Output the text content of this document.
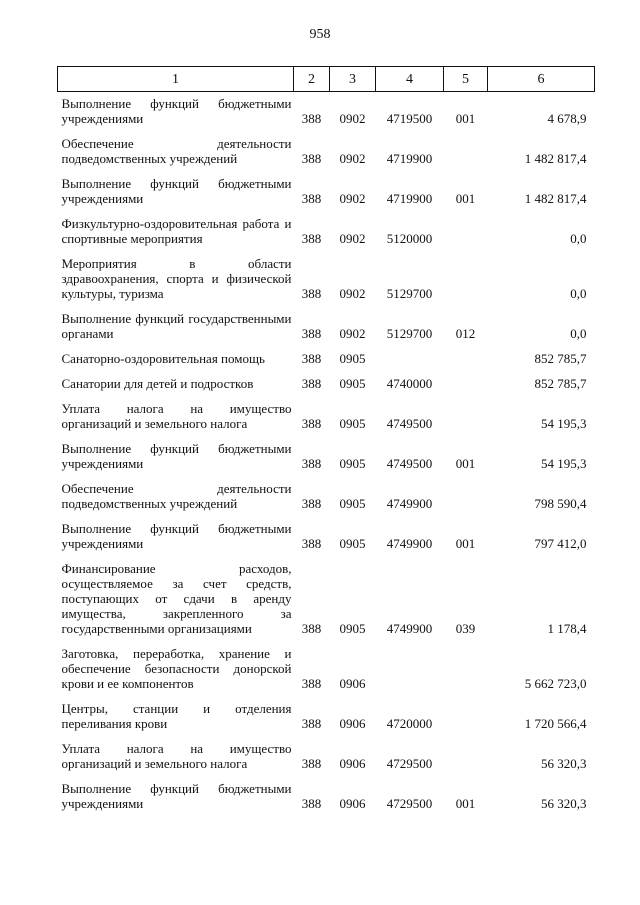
958
1	2	3	4	5	6
Выполнение функций бюджетными учреждениями	388	0902	4719500	001	4 678,9
Обеспечение деятельности подведомственных учреждений	388	0902	4719900		1 482 817,4
Выполнение функций бюджетными учреждениями	388	0902	4719900	001	1 482 817,4
Физкультурно-оздоровительная работа и спортивные мероприятия	388	0902	5120000		0,0
Мероприятия в области здравоохранения, спорта и физической культуры, туризма	388	0902	5129700		0,0
Выполнение функций государственными органами	388	0902	5129700	012	0,0
Санаторно-оздоровительная помощь	388	0905			852 785,7
Санатории для детей и подростков	388	0905	4740000		852 785,7
Уплата налога на имущество организаций и земельного налога	388	0905	4749500		54 195,3
Выполнение функций бюджетными учреждениями	388	0905	4749500	001	54 195,3
Обеспечение деятельности подведомственных учреждений	388	0905	4749900		798 590,4
Выполнение функций бюджетными учреждениями	388	0905	4749900	001	797 412,0
Финансирование расходов, осуществляемое за счет средств, поступающих от сдачи в аренду имущества, закрепленного за государственными организациями	388	0905	4749900	039	1 178,4
Заготовка, переработка, хранение и обеспечение безопасности донорской крови и ее компонентов	388	0906			5 662 723,0
Центры, станции и отделения переливания крови	388	0906	4720000		1 720 566,4
Уплата налога на имущество организаций и земельного налога	388	0906	4729500		56 320,3
Выполнение функций бюджетными учреждениями	388	0906	4729500	001	56 320,3
